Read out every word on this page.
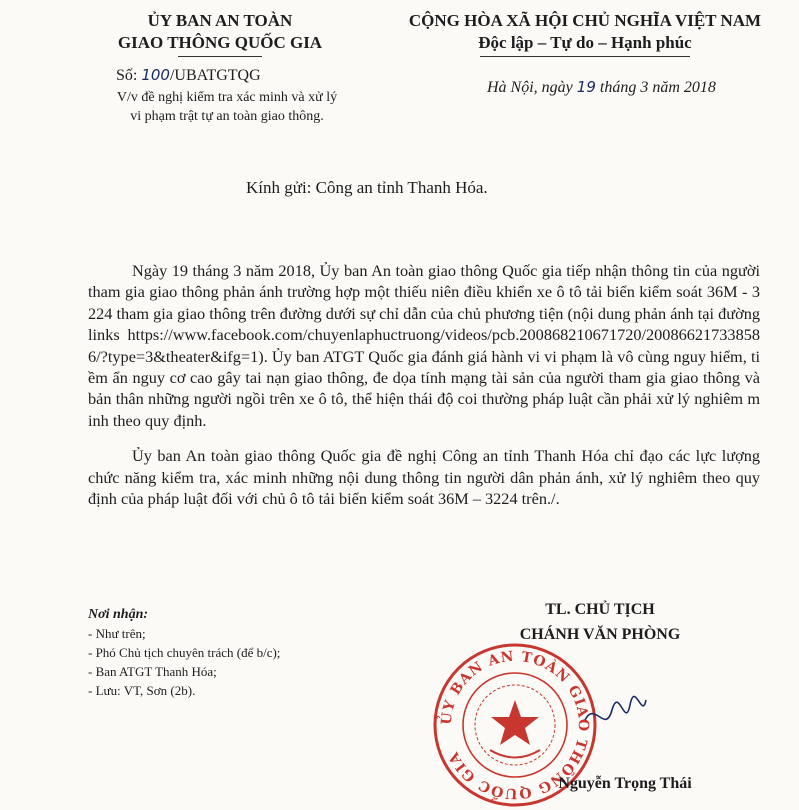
ỦY BAN AN TOÀN
GIAO THÔNG QUỐC GIA
CỘNG HÒA XÃ HỘI CHỦ NGHĨA VIỆT NAM
Độc lập – Tự do – Hạnh phúc
Số: 100/UBATGTQG
V/v đề nghị kiểm tra xác minh và xử lý
vi phạm trật tự an toàn giao thông.
Hà Nội, ngày 19 tháng 3 năm 2018
Kính gửi: Công an tỉnh Thanh Hóa.

Ngày 19 tháng 3 năm 2018, Ủy ban An toàn giao thông Quốc gia tiếp nhận thông tin của người tham gia giao thông phản ánh trường hợp một thiếu niên điều khiển xe ô tô tải biển kiểm soát 36M - 3224 tham gia giao thông trên đường dưới sự chỉ dẫn của chủ phương tiện (nội dung phản ánh tại đường links https://www.facebook.com/chuyenlaphuctruong/videos/pcb.200868210671720/200866217338586/?type=3&theater&ifg=1). Ủy ban ATGT Quốc gia đánh giá hành vi vi phạm là vô cùng nguy hiểm, tiềm ẩn nguy cơ cao gây tai nạn giao thông, đe dọa tính mạng tài sản của người tham gia giao thông và bản thân những người ngồi trên xe ô tô, thể hiện thái độ coi thường pháp luật cần phải xử lý nghiêm minh theo quy định.

Ủy ban An toàn giao thông Quốc gia đề nghị Công an tỉnh Thanh Hóa chỉ đạo các lực lượng chức năng kiểm tra, xác minh những nội dung thông tin người dân phản ánh, xử lý nghiêm theo quy định của pháp luật đối với chủ ô tô tải biển kiểm soát 36M – 3224 trên./.

Nơi nhận:
- Như trên;
- Phó Chủ tịch chuyên trách (để b/c);
- Ban ATGT Thanh Hóa;
- Lưu: VT, Sơn (2b).
ỦY BAN AN TOÀN GIAO THÔNG QUỐC GIA
TL. CHỦ TỊCH
CHÁNH VĂN PHÒNG
Nguyễn Trọng Thái
